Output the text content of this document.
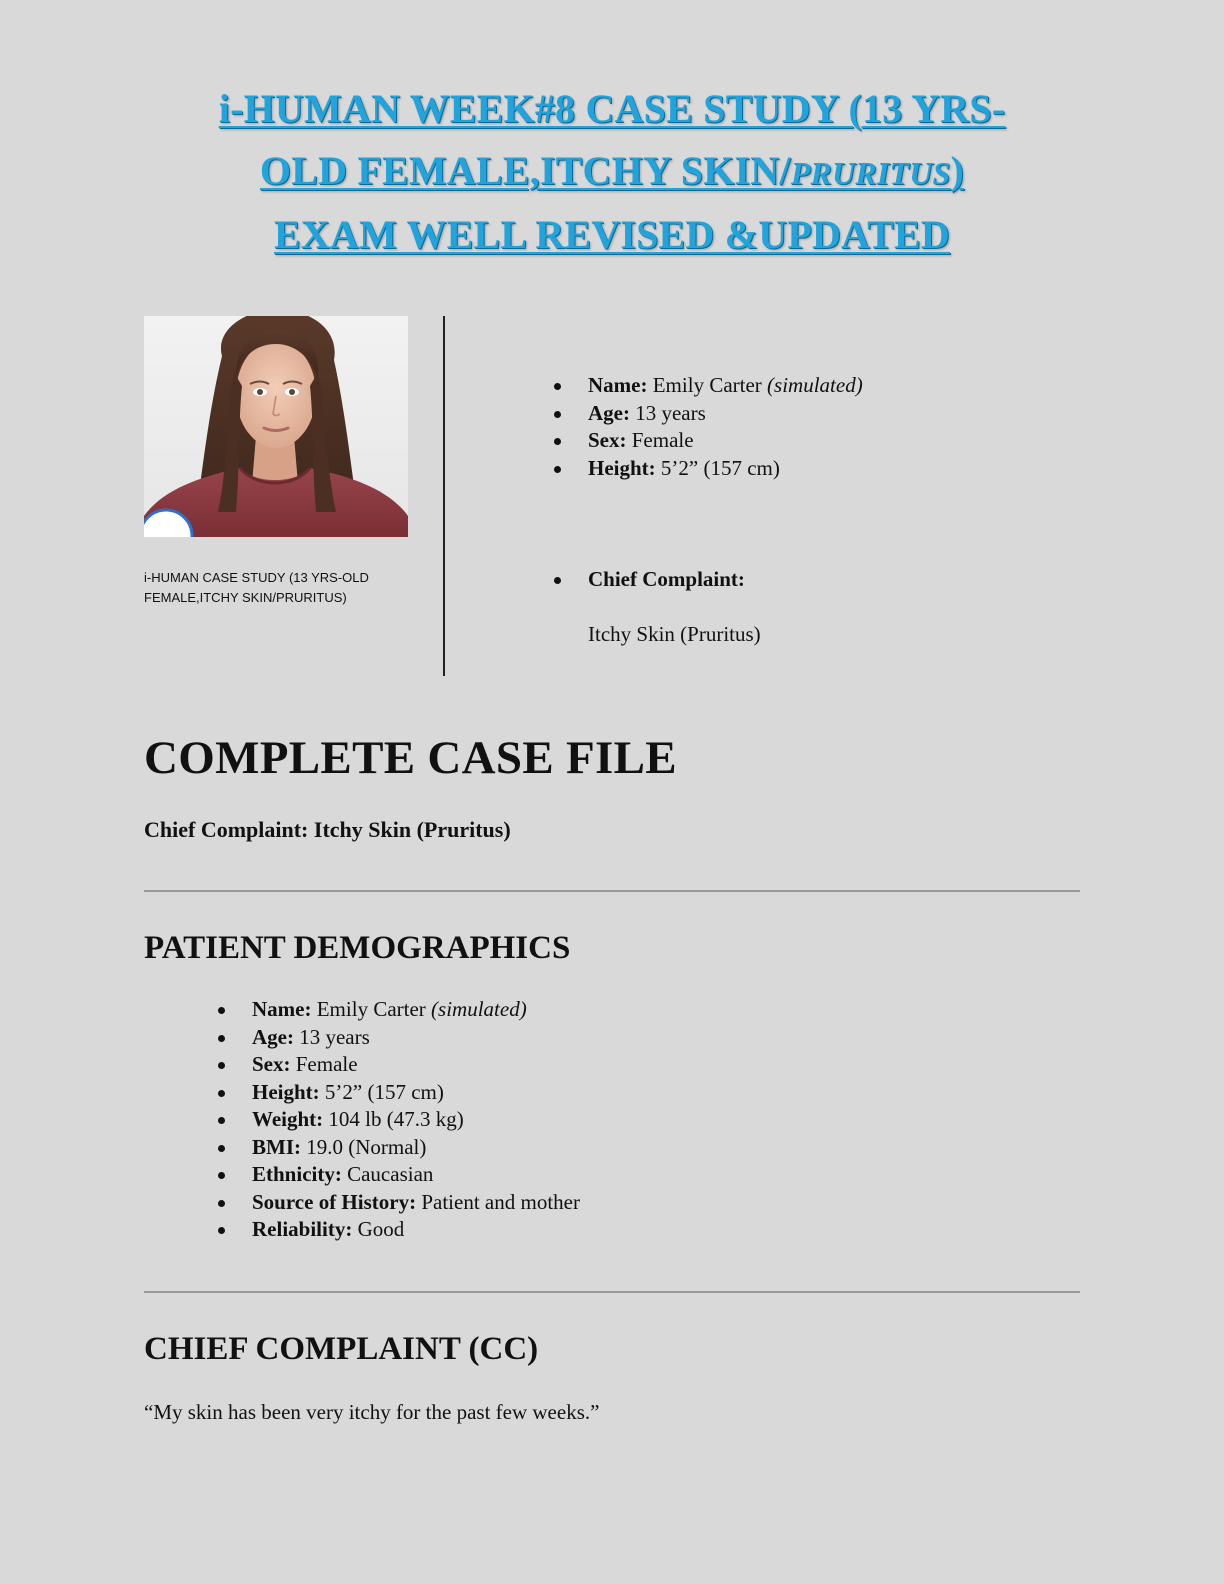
i-HUMAN WEEK#8 CASE STUDY (13 YRS-
OLD FEMALE,ITCHY SKIN/PRURITUS)
EXAM WELL REVISED &UPDATED
i-HUMAN CASE STUDY (13 YRS-OLD
FEMALE,ITCHY SKIN/PRURITUS)
Name: Emily Carter (simulated)
Age: 13 years
Sex: Female
Height: 5’2” (157 cm)
Chief Complaint:
Itchy Skin (Pruritus)
COMPLETE CASE FILE
Chief Complaint: Itchy Skin (Pruritus)
PATIENT DEMOGRAPHICS
Name: Emily Carter (simulated)
Age: 13 years
Sex: Female
Height: 5’2” (157 cm)
Weight: 104 lb (47.3 kg)
BMI: 19.0 (Normal)
Ethnicity: Caucasian
Source of History: Patient and mother
Reliability: Good
CHIEF COMPLAINT (CC)
“My skin has been very itchy for the past few weeks.”
